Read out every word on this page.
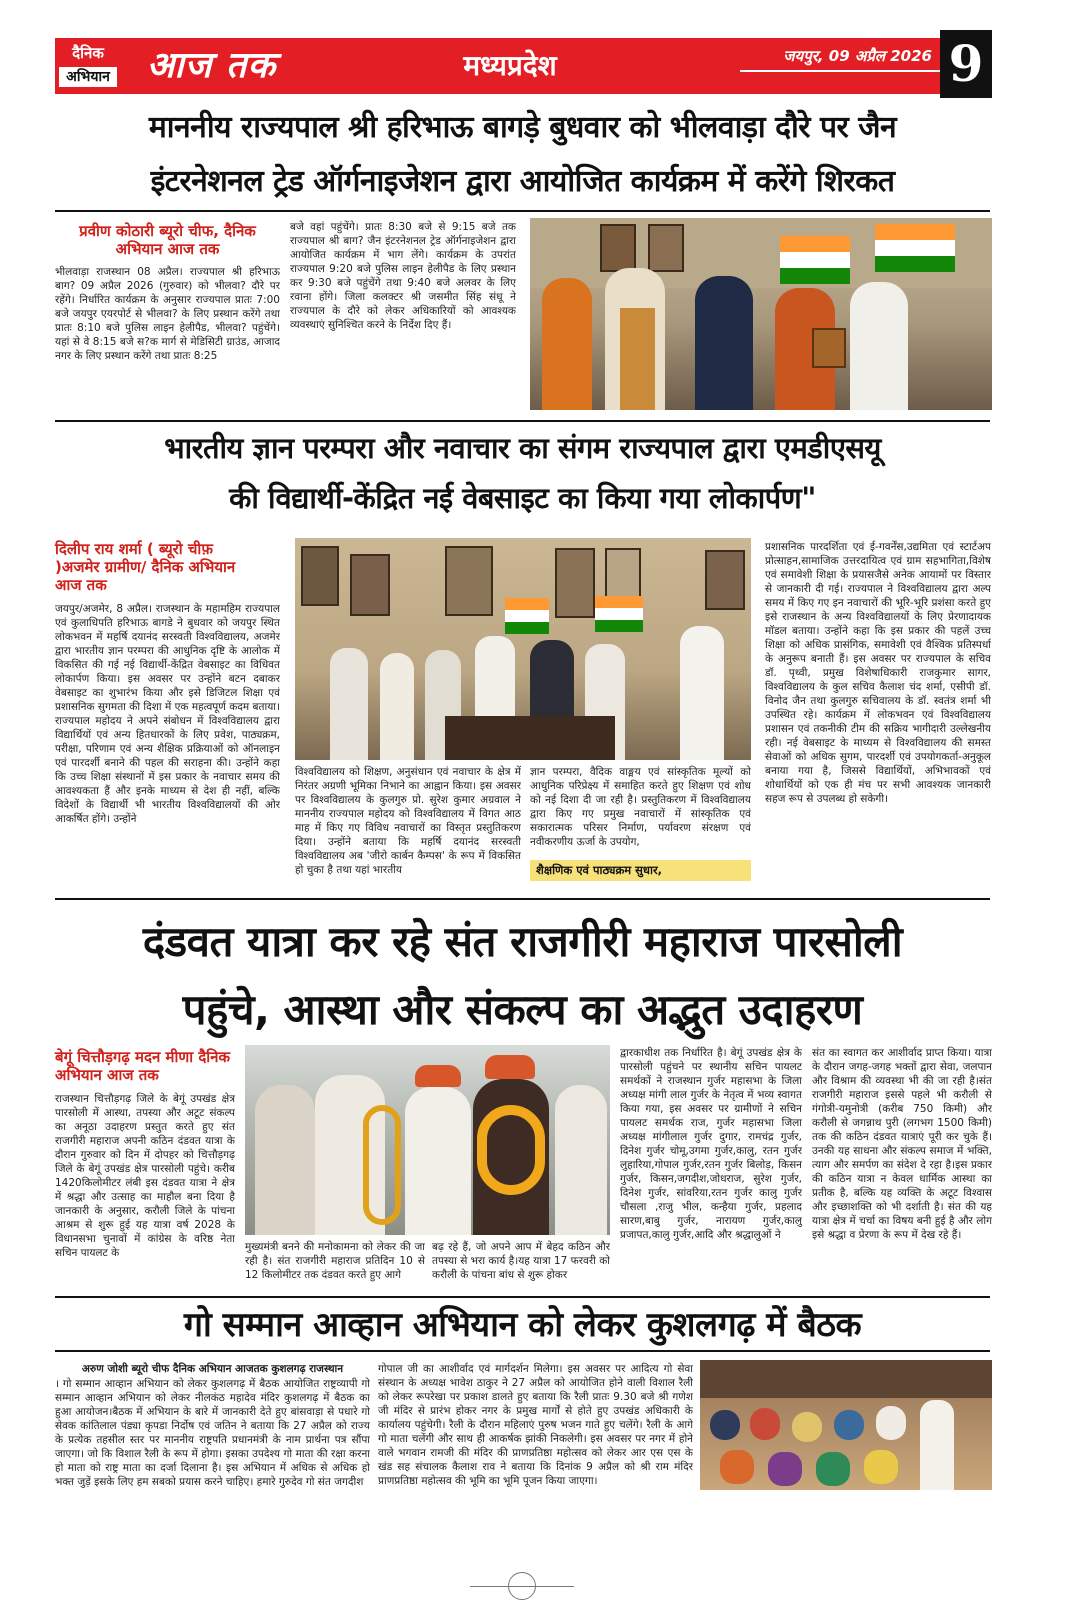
दैनिक
अभियान	आज तक	मध्यप्रदेश	जयपुर, 09 अप्रैल 2026 9
माननीय राज्यपाल श्री हरिभाऊ बागड़े बुधवार को भीलवाड़ा दौरे पर जैन
इंटरनेशनल ट्रेड ऑर्गनाइजेशन द्वारा आयोजित कार्यक्रम में करेंगे शिरकत
प्रवीण कोठारी ब्यूरो चीफ, दैनिक अभियान आज तक
भीलवाड़ा राजस्थान 08 अप्रैल। राज्यपाल श्री हरिभाऊ बाग? 09 अप्रैल 2026 (गुरुवार) को भीलवा? दौरे पर रहेंगे। निर्धारित कार्यक्रम के अनुसार राज्यपाल प्रातः 7:00 बजे जयपुर एयरपोर्ट से भीलवा? के लिए प्रस्थान करेंगे तथा प्रातः 8:10 बजे पुलिस लाइन हेलीपैड, भीलवा? पहुंचेंगे। यहां से वे 8:15 बजे स?क मार्ग से मेडिसिटी ग्राउंड, आजाद नगर के लिए प्रस्थान करेंगे तथा प्रातः 8:25
बजे वहां पहुंचेंगे। प्रातः 8:30 बजे से 9:15 बजे तक राज्यपाल श्री बाग? जैन इंटरनेशनल ट्रेड ऑर्गनाइजेशन द्वारा आयोजित कार्यक्रम में भाग लेंगे। कार्यक्रम के उपरांत राज्यपाल 9:20 बजे पुलिस लाइन हेलीपैड के लिए प्रस्थान कर 9:30 बजे पहुंचेंगे तथा 9:40 बजे अलवर के लिए रवाना होंगे। जिला कलक्टर श्री जसमीत सिंह संधू ने राज्यपाल के दौरे को लेकर अधिकारियों को आवश्यक व्यवस्थाएं सुनिश्चित करने के निर्देश दिए हैं।
भारतीय ज्ञान परम्परा और नवाचार का संगम राज्यपाल द्वारा एमडीएसयू
की विद्यार्थी-केंद्रित नई वेबसाइट का किया गया लोकार्पण"
दिलीप राय शर्मा ( ब्यूरो चीफ़ )अजमेर ग्रामीण/ दैनिक अभियान आज तक
जयपुर/अजमेर, 8 अप्रैल। राजस्थान के महामहिम राज्यपाल एवं कुलाधिपति हरिभाऊ बागडे ने बुधवार को जयपुर स्थित लोकभवन में महर्षि दयानंद सरस्वती विश्वविद्यालय, अजमेर द्वारा भारतीय ज्ञान परम्परा की आधुनिक दृष्टि के आलोक में विकसित की गई नई विद्यार्थी-केंद्रित वेबसाइट का विधिवत लोकार्पण किया। इस अवसर पर उन्होंने बटन दबाकर वेबसाइट का शुभारंभ किया और इसे डिजिटल शिक्षा एवं प्रशासनिक सुगमता की दिशा में एक महत्वपूर्ण कदम बताया। राज्यपाल महोदय ने अपने संबोधन में विश्वविद्यालय द्वारा विद्यार्थियों एवं अन्य हितधारकों के लिए प्रवेश, पाठ्यक्रम, परीक्षा, परिणाम एवं अन्य शैक्षिक प्रक्रियाओं को ऑनलाइन एवं पारदर्शी बनाने की पहल की सराहना की। उन्होंने कहा कि उच्च शिक्षा संस्थानों में इस प्रकार के नवाचार समय की आवश्यकता हैं और इनके माध्यम से देश ही नहीं, बल्कि विदेशों के विद्यार्थी भी भारतीय विश्वविद्यालयों की ओर आकर्षित होंगे। उन्होंने
विश्वविद्यालय को शिक्षण, अनुसंधान एवं नवाचार के क्षेत्र में निरंतर अग्रणी भूमिका निभाने का आह्वान किया। इस अवसर पर विश्वविद्यालय के कुलगुरु प्रो. सुरेश कुमार अग्रवाल ने माननीय राज्यपाल महोदय को विश्वविद्यालय में विगत आठ माह में किए गए विविध नवाचारों का विस्तृत प्रस्तुतिकरण दिया। उन्होंने बताया कि महर्षि दयानंद सरस्वती विश्वविद्यालय अब 'जीरो कार्बन कैम्पस' के रूप में विकसित हो चुका है तथा यहां भारतीय
ज्ञान परम्परा, वैदिक वाङ्मय एवं सांस्कृतिक मूल्यों को आधुनिक परिप्रेक्ष्य में समाहित करते हुए शिक्षण एवं शोध को नई दिशा दी जा रही है। प्रस्तुतिकरण में विश्वविद्यालय द्वारा किए गए प्रमुख नवाचारों में सांस्कृतिक एवं सकारात्मक परिसर निर्माण, पर्यावरण संरक्षण एवं नवीकरणीय ऊर्जा के उपयोग,
शैक्षणिक एवं पाठ्यक्रम सुधार,
प्रशासनिक पारदर्शिता एवं ई-गवर्नेंस,उद्यमिता एवं स्टार्टअप प्रोत्साहन,सामाजिक उत्तरदायित्व एवं ग्राम सहभागिता,विशेष एवं समावेशी शिक्षा के प्रयासजैसे अनेक आयामों पर विस्तार से जानकारी दी गई। राज्यपाल ने विश्वविद्यालय द्वारा अल्प समय में किए गए इन नवाचारों की भूरि-भूरि प्रशंसा करते हुए इसे राजस्थान के अन्य विश्वविद्यालयों के लिए प्रेरणादायक मॉडल बताया। उन्होंने कहा कि इस प्रकार की पहलें उच्च शिक्षा को अधिक प्रासंगिक, समावेशी एवं वैश्विक प्रतिस्पर्धा के अनुरूप बनाती हैं। इस अवसर पर राज्यपाल के सचिव डॉ. पृथ्वी, प्रमुख विशेषाधिकारी राजकुमार सागर, विश्वविद्यालय के कुल सचिव कैलाश चंद शर्मा, एसीपी डॉ. विनोद जैन तथा कुलगुरु सचिवालय के डॉ. स्वतंत्र शर्मा भी उपस्थित रहे। कार्यक्रम में लोकभवन एवं विश्वविद्यालय प्रशासन एवं तकनीकी टीम की सक्रिय भागीदारी उल्लेखनीय रही। नई वेबसाइट के माध्यम से विश्वविद्यालय की समस्त सेवाओं को अधिक सुगम, पारदर्शी एवं उपयोगकर्ता-अनुकूल बनाया गया है, जिससे विद्यार्थियों, अभिभावकों एवं शोधार्थियों को एक ही मंच पर सभी आवश्यक जानकारी सहज रूप से उपलब्ध हो सकेगी।
दंडवत यात्रा कर रहे संत राजगीरी महाराज पारसोली
पहुंचे, आस्था और संकल्प का अद्भुत उदाहरण
बेगूं चित्तौड़गढ़ मदन मीणा दैनिक अभियान आज तक
राजस्थान चित्तौड़गढ़ जिले के बेगूं उपखंड क्षेत्र पारसोली में आस्था, तपस्या और अटूट संकल्प का अनूठा उदाहरण प्रस्तुत करते हुए संत राजगीरी महाराज अपनी कठिन दंडवत यात्रा के दौरान गुरुवार को दिन में दोपहर को चित्तौड़गढ़ जिले के बेगूं उपखंड क्षेत्र पारसोली पहुंचे। करीब 1420किलोमीटर लंबी इस दंडवत यात्रा ने क्षेत्र में श्रद्धा और उत्साह का माहौल बना दिया है जानकारी के अनुसार, करौली जिले के पांचना आश्रम से शुरू हुई यह यात्रा वर्ष 2028 के विधानसभा चुनावों में कांग्रेस के वरिष्ठ नेता सचिन पायलट के	मुख्यमंत्री बनने की मनोकामना को लेकर की जा रही है। संत राजगीरी महाराज प्रतिदिन 10 से 12 किलोमीटर तक दंडवत करते हुए आगे
बढ़ रहे हैं, जो अपने आप में बेहद कठिन और तपस्या से भरा कार्य है।यह यात्रा 17 फरवरी को करौली के पांचना बांध से शुरू होकर
द्वारकाधीश तक निर्धारित है। बेगूं उपखंड क्षेत्र के पारसोली पहुंचने पर स्थानीय सचिन पायलट समर्थकों ने राजस्थान गुर्जर महासभा के जिला अध्यक्ष मांगी लाल गुर्जर के नेतृत्व में भव्य स्वागत किया गया, इस अवसर पर ग्रामीणों ने सचिन पायलट समर्थक राज, गुर्जर महासभा जिला अध्यक्ष मांगीलाल गुर्जर दुगार, रामचंद्र गुर्जर, दिनेश गुर्जर चोमू,उगमा गुर्जर,कालु, रतन गुर्जर लुहारिया,गोपाल गुर्जर,रतन गुर्जर बिलोड़, किसन गुर्जर, किसन,जगदीश,जोधराज, सुरेश गुर्जर, दिनेश गुर्जर, सांवरिया,रतन गुर्जर कालु गुर्जर चौसला ,राजु भील, कन्हैया गुर्जर, प्रहलाद सारण,बाबु गुर्जर, नारायण गुर्जर,कालु प्रजापत,कालु गुर्जर,आदि और श्रद्धालुओं ने
संत का स्वागत कर आशीर्वाद प्राप्त किया। यात्रा के दौरान जगह-जगह भक्तों द्वारा सेवा, जलपान और विश्राम की व्यवस्था भी की जा रही है।संत राजगीरी महाराज इससे पहले भी करौली से गंगोत्री-यमुनोत्री (करीब 750 किमी) और करौली से जगन्नाथ पुरी (लगभग 1500 किमी) तक की कठिन दंडवत यात्राएं पूरी कर चुके हैं। उनकी यह साधना और संकल्प समाज में भक्ति, त्याग और समर्पण का संदेश दे रहा है।इस प्रकार की कठिन यात्रा न केवल धार्मिक आस्था का प्रतीक है, बल्कि यह व्यक्ति के अटूट विश्वास और इच्छाशक्ति को भी दर्शाती है। संत की यह यात्रा क्षेत्र में चर्चा का विषय बनी हुई है और लोग इसे श्रद्धा व प्रेरणा के रूप में देख रहे हैं।
गो सम्मान आव्हान अभियान को लेकर कुशलगढ़ में बैठक
अरुण जोशी ब्यूरो चीफ दैनिक अभियान आजतक कुशलगढ़ राजस्थान
। गो सम्मान आव्हान अभियान को लेकर कुशलगढ़ में बैठक आयोजित राष्ट्रव्यापी गो सम्मान आव्हान अभियान को लेकर नीलकंठ महादेव मंदिर कुशलगढ़ में बैठक का हुआ आयोजन।बैठक में अभियान के बारे में जानकारी देते हुए बांसवाड़ा से पधारे गो सेवक कांतिलाल पंड्या कृपडा निर्दोष एवं जतिन ने बताया कि 27 अप्रैल को राज्य के प्रत्येक तहसील स्तर पर माननीय राष्ट्रपति प्रधानमंत्री के नाम प्रार्थना पत्र सौंपा जाएगा। जो कि विशाल रैली के रूप में होगा। इसका उपदेश्य गो माता की रक्षा करना हो माता को राष्ट्र माता का दर्जा दिलाना है। इस अभियान में अधिक से अधिक हो भक्त जुड़ें इसके लिए हम सबको प्रयास करने चाहिए। हमारे गुरुदेव गो संत जगदीश
गोपाल जी का आशीर्वाद एवं मार्गदर्शन मिलेगा। इस अवसर पर आदित्य गो सेवा संस्थान के अध्यक्ष भावेश ठाकुर ने 27 अप्रैल को आयोजित होने वाली विशाल रैली को लेकर रूपरेखा पर प्रकाश डालते हुए बताया कि रैली प्रातः 9.30 बजे श्री गणेश जी मंदिर से प्रारंभ होकर नगर के प्रमुख मार्गों से होते हुए उपखंड अधिकारी के कार्यालय पहुंचेगी। रैली के दौरान महिलाएं पुरुष भजन गाते हुए चलेंगे। रैली के आगे गो माता चलेंगी और साथ ही आकर्षक झांकी निकलेगी। इस अवसर पर नगर में होने वाले भगवान रामजी की मंदिर की प्राणप्रतिष्ठा महोत्सव को लेकर आर एस एस के खंड सह संचालक कैलाश राव ने बताया कि दिनांक 9 अप्रैल को श्री राम मंदिर प्राणप्रतिष्ठा महोत्सव की भूमि का भूमि पूजन किया जाएगा।
